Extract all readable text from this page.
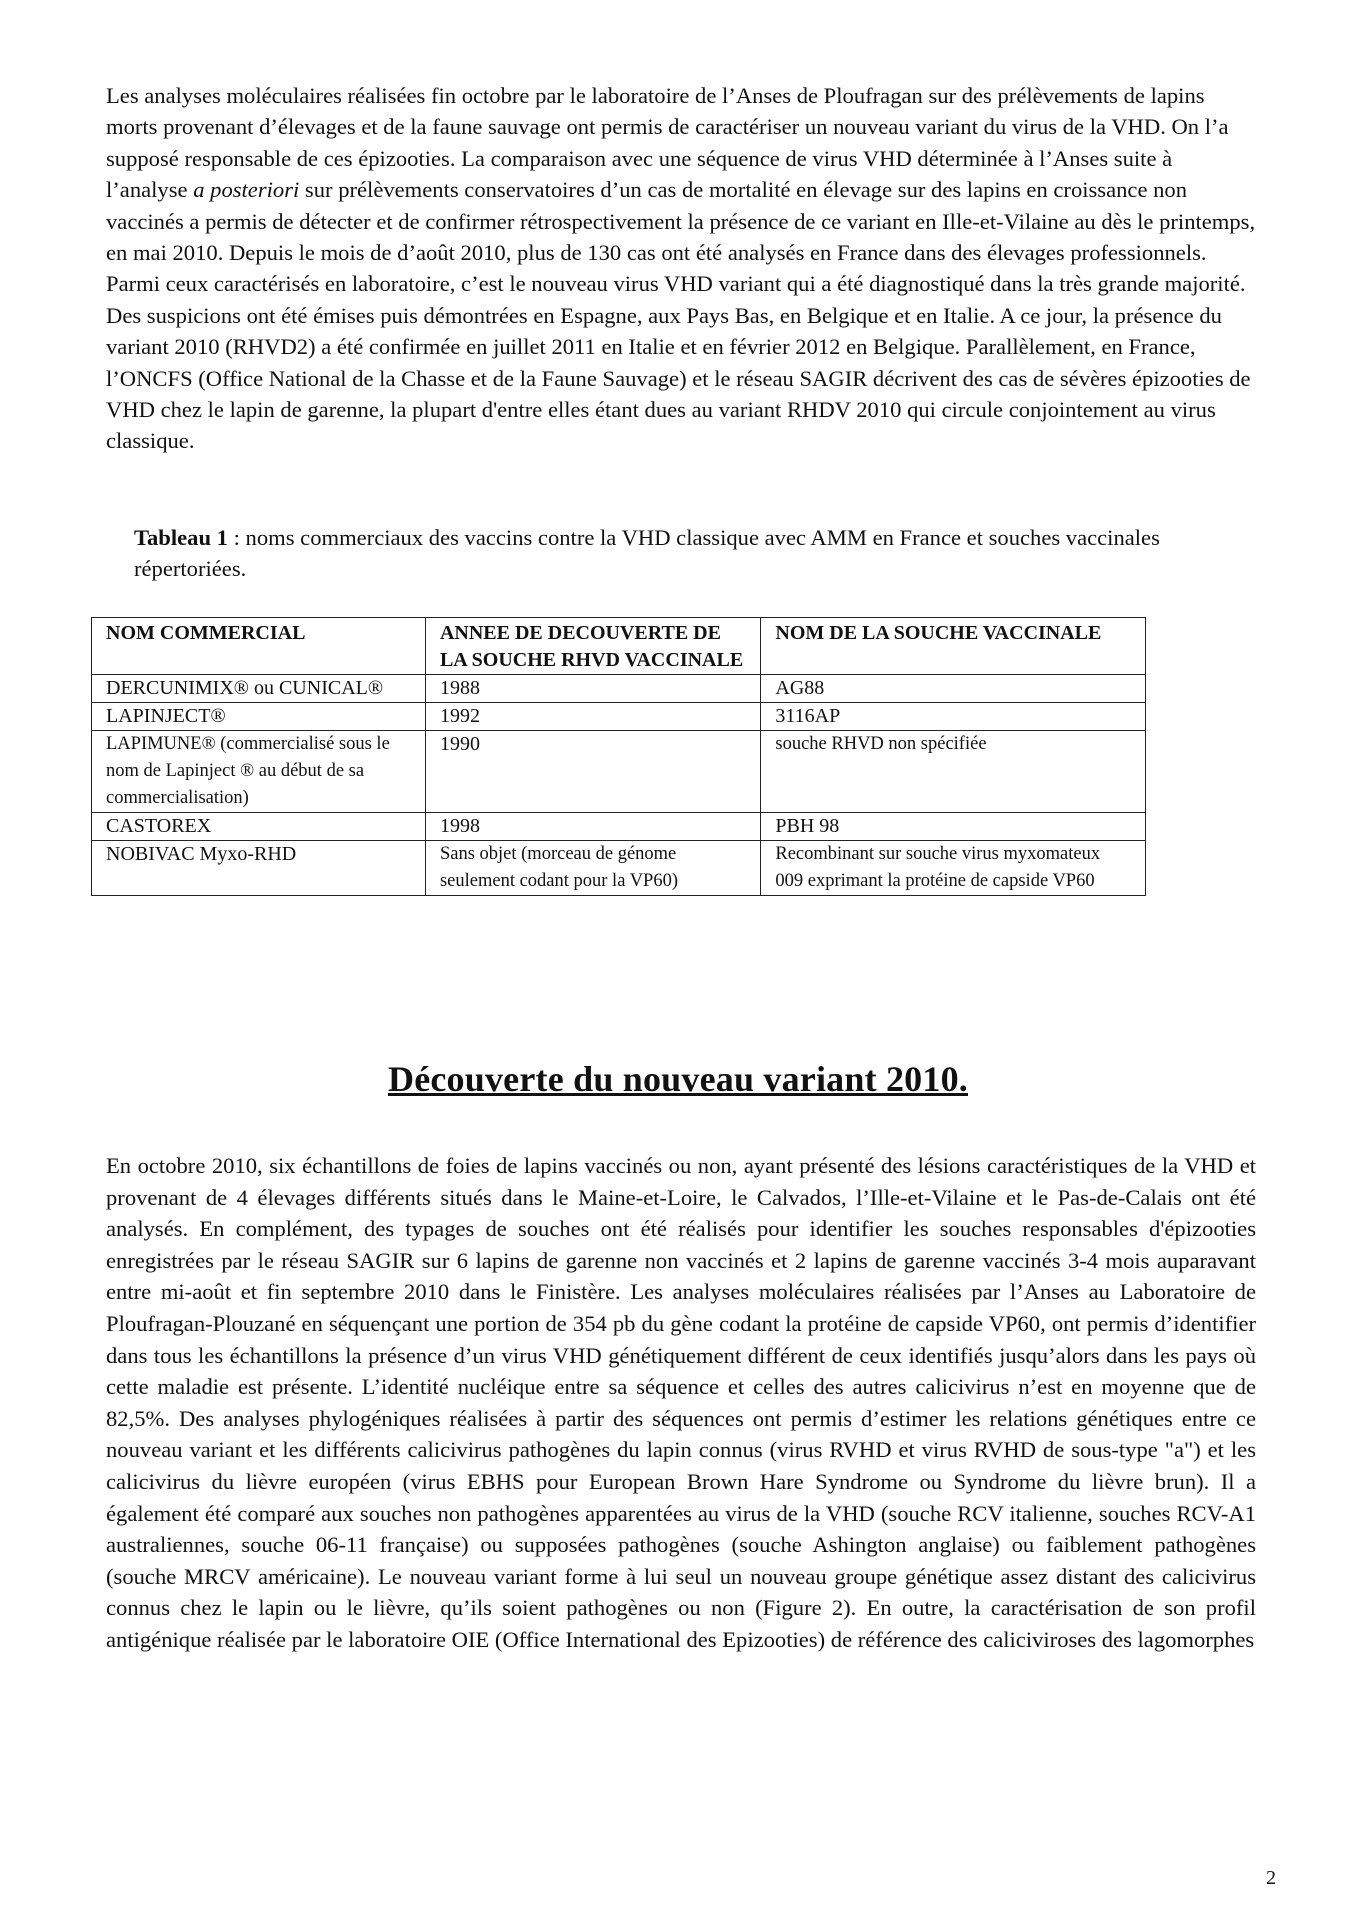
Les analyses moléculaires réalisées fin octobre par le laboratoire de l’Anses de Ploufragan sur des prélèvements de lapins morts provenant d’élevages et de la faune sauvage ont permis de caractériser un nouveau variant du virus de la VHD. On l’a supposé responsable de ces épizooties. La comparaison avec une séquence de virus VHD déterminée à l’Anses suite à l’analyse a posteriori sur prélèvements conservatoires d’un cas de mortalité en élevage sur des lapins en croissance non vaccinés a permis de détecter et de confirmer rétrospectivement la présence de ce variant en Ille-et-Vilaine au dès le printemps, en mai 2010. Depuis le mois de d’août 2010, plus de 130 cas ont été analysés en France dans des élevages professionnels. Parmi ceux caractérisés en laboratoire, c’est le nouveau virus VHD variant qui a été diagnostiqué dans la très grande majorité. Des suspicions ont été émises puis démontrées en Espagne, aux Pays Bas, en Belgique et en Italie. A ce jour, la présence du variant 2010 (RHVD2) a été confirmée en juillet 2011 en Italie et en février 2012 en Belgique. Parallèlement, en France, l’ONCFS (Office National de la Chasse et de la Faune Sauvage) et le réseau SAGIR décrivent des cas de sévères épizooties de VHD chez le lapin de garenne, la plupart d'entre elles étant dues au variant RHDV 2010 qui circule conjointement au virus classique.

Tableau 1 : noms commerciaux des vaccins contre la VHD classique avec AMM en France et souches vaccinales répertoriées.

NOM COMMERCIAL	ANNEE DE DECOUVERTE DE LA SOUCHE RHVD VACCINALE	NOM DE LA SOUCHE VACCINALE
DERCUNIMIX® ou CUNICAL®	1988	AG88
LAPINJECT®	1992	3116AP
LAPIMUNE® (commercialisé sous le nom de Lapinject ® au début de sa commercialisation)	1990	souche RHVD non spécifiée
CASTOREX	1998	PBH 98
NOBIVAC Myxo-RHD	Sans objet (morceau de génome seulement codant pour la VP60)	Recombinant sur souche virus myxomateux 009 exprimant la protéine de capside VP60
Découverte du nouveau variant 2010.

En octobre 2010, six échantillons de foies de lapins vaccinés ou non, ayant présenté des lésions caractéristiques de la VHD et provenant de 4 élevages différents situés dans le Maine-et-Loire, le Calvados, l’Ille-et-Vilaine et le Pas-de-Calais ont été analysés. En complément, des typages de souches ont été réalisés pour identifier les souches responsables d'épizooties enregistrées par le réseau SAGIR sur 6 lapins de garenne non vaccinés et 2 lapins de garenne vaccinés 3-4 mois auparavant entre mi-août et fin septembre 2010 dans le Finistère. Les analyses moléculaires réalisées par l’Anses au Laboratoire de Ploufragan-Plouzané en séquençant une portion de 354 pb du gène codant la protéine de capside VP60, ont permis d’identifier dans tous les échantillons la présence d’un virus VHD génétiquement différent de ceux identifiés jusqu’alors dans les pays où cette maladie est présente. L’identité nucléique entre sa séquence et celles des autres calicivirus n’est en moyenne que de 82,5%. Des analyses phylogéniques réalisées à partir des séquences ont permis d’estimer les relations génétiques entre ce nouveau variant et les différents calicivirus pathogènes du lapin connus (virus RVHD et virus RVHD de sous-type "a") et les calicivirus du lièvre européen (virus EBHS pour European Brown Hare Syndrome ou Syndrome du lièvre brun). Il a également été comparé aux souches non pathogènes apparentées au virus de la VHD (souche RCV italienne, souches RCV-A1 australiennes, souche 06-11 française) ou supposées pathogènes (souche Ashington anglaise) ou faiblement pathogènes (souche MRCV américaine). Le nouveau variant forme à lui seul un nouveau groupe génétique assez distant des calicivirus connus chez le lapin ou le lièvre, qu’ils soient pathogènes ou non (Figure 2). En outre, la caractérisation de son profil antigénique réalisée par le laboratoire OIE (Office International des Epizooties) de référence des caliciviroses des lagomorphes

2
